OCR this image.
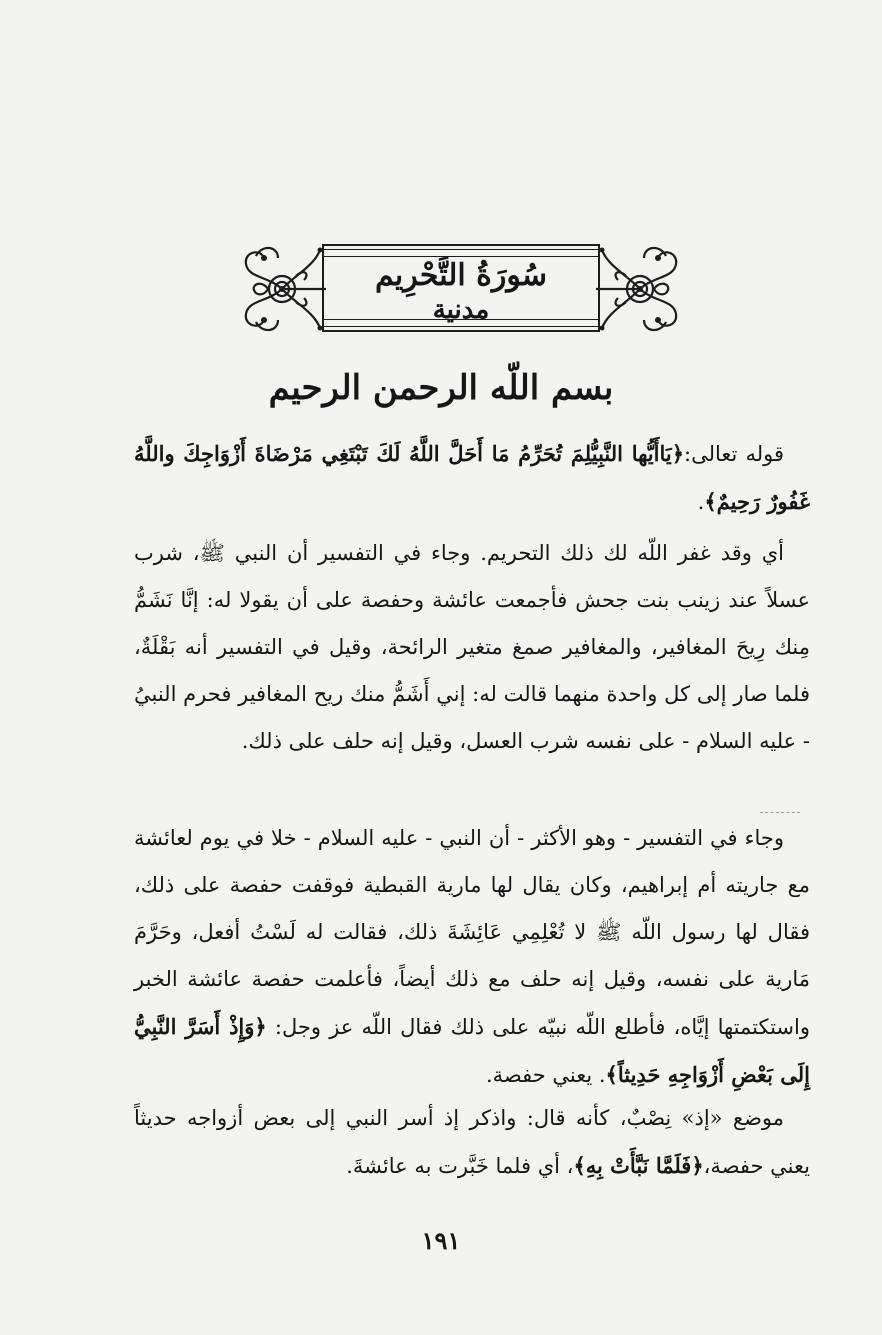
سُورَةُ التَّحْرِيم
مدنية
بسم اللّه الرحمن الرحيم

قوله تعالى:﴿يَاأَيُّها النَّبِيُّلِمَ تُحَرِّمُ مَا أَحَلَّ اللَّهُ لَكَ تَبْتَغِي مَرْضَاةَ أَزْوَاجِكَ واللَّهُ غَفُورٌ رَحِيمٌ﴾.

أي وقد غفر اللّه لك ذلك التحريم. وجاء في التفسير أن النبي ﷺ، شرب عسلاً عند زينب بنت جحش فأجمعت عائشة وحفصة على أن يقولا له: إنَّا نَشَمُّ مِنك رِيحَ المغافير، والمغافير صمغ متغير الرائحة، وقيل في التفسير أنه بَقْلَةٌ، فلما صار إلى كل واحدة منهما قالت له: إني أَشَمُّ منك ريح المغافير فحرم النبيُ - عليه السلام - على نفسه شرب العسل، وقيل إنه حلف على ذلك.

وجاء في التفسير - وهو الأكثر - أن النبي - عليه السلام - خلا في يوم لعائشة مع جاريته أم إبراهيم، وكان يقال لها مارية القبطية فوقفت حفصة على ذلك، فقال لها رسول اللّه ﷺ لا تُعْلِمِي عَائِشَةَ ذلك، فقالت له لَسْتُ أفعل، وحَرَّمَ مَارية على نفسه، وقيل إنه حلف مع ذلك أيضاً، فأعلمت حفصة عائشة الخبر واستكتمتها إيَّاه، فأطلع اللّه نبيّه على ذلك فقال اللّه عز وجل: ﴿وَإِذْ أَسَرَّ النَّبِيُّ إِلَى بَعْضِ أَزْوَاجِهِ حَدِيثاً﴾. يعني حفصة.

موضع «إذ» نِصْبٌ، كأنه قال: واذكر إذ أسر النبي إلى بعض أزواجه حديثاً يعني حفصة،﴿فَلَمَّا نَبَّأَتْ بِهِ﴾، أي فلما خَبَّرت به عائشةَ.

١٩١
